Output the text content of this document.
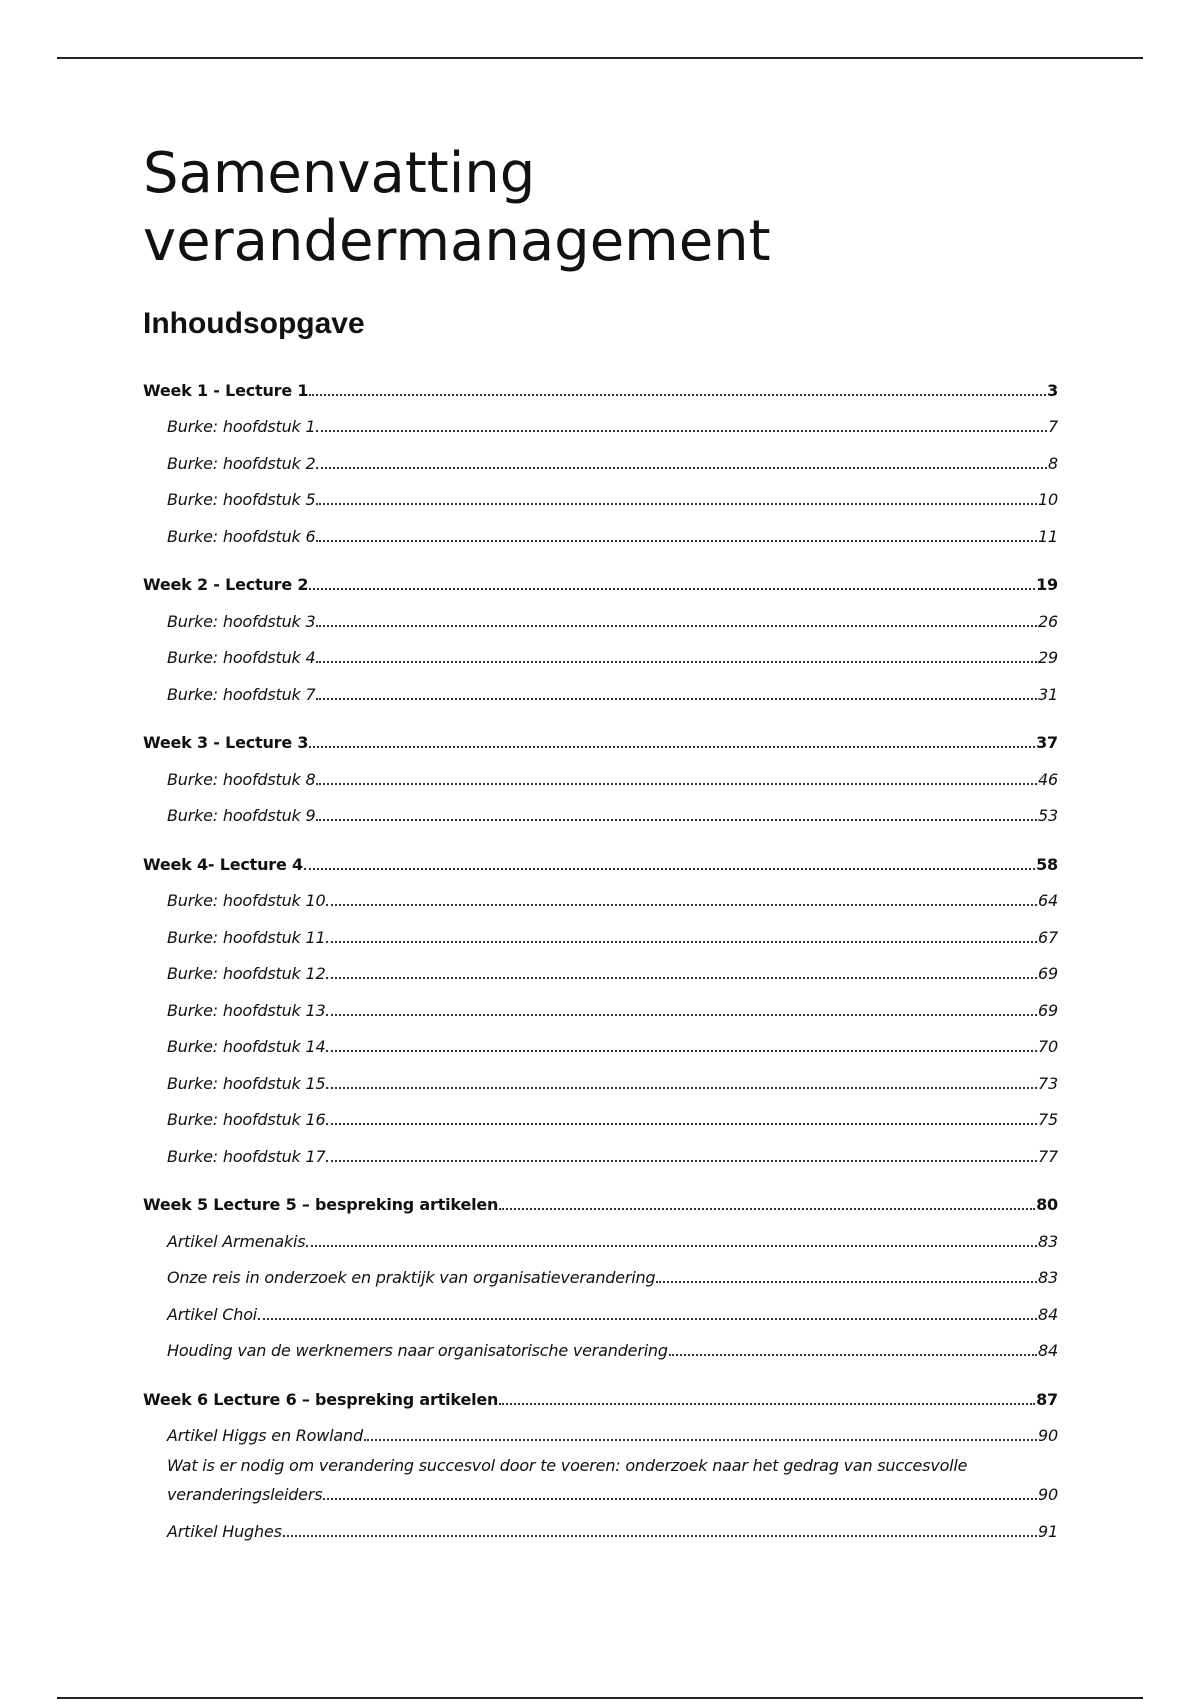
Samenvatting
verandermanagement
Inhoudsopgave
Week 1 - Lecture 1	3
Burke: hoofdstuk 1	7
Burke: hoofdstuk 2	8
Burke: hoofdstuk 5	10
Burke: hoofdstuk 6	11
Week 2 - Lecture 2	19
Burke: hoofdstuk 3	26
Burke: hoofdstuk 4	29
Burke: hoofdstuk 7	31
Week 3 - Lecture 3	37
Burke: hoofdstuk 8	46
Burke: hoofdstuk 9	53
Week 4- Lecture 4	58
Burke: hoofdstuk 10	64
Burke: hoofdstuk 11	67
Burke: hoofdstuk 12	69
Burke: hoofdstuk 13	69
Burke: hoofdstuk 14	70
Burke: hoofdstuk 15	73
Burke: hoofdstuk 16	75
Burke: hoofdstuk 17	77
Week 5 Lecture 5 – bespreking artikelen	80
Artikel Armenakis	83
Onze reis in onderzoek en praktijk van organisatieverandering	83
Artikel Choi	84
Houding van de werknemers naar organisatorische verandering	84
Week 6 Lecture 6 – bespreking artikelen	87
Artikel Higgs en Rowland	90
Wat is er nodig om verandering succesvol door te voeren: onderzoek naar het gedrag van succesvolle
veranderingsleiders	90
Artikel Hughes	91
